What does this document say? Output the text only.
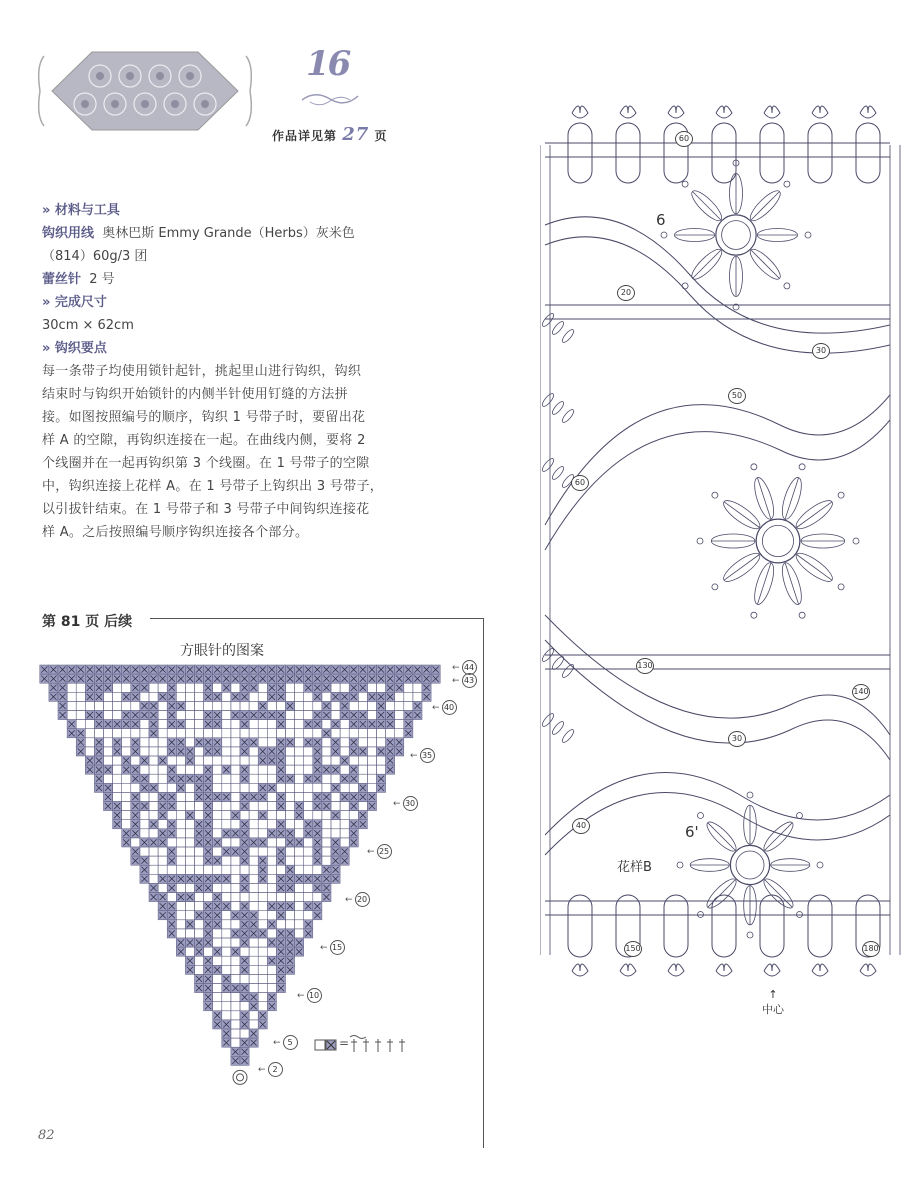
16
作品详见第 27 页
» 材料与工具
钩织用线 奥林巴斯 Emmy Grande（Herbs）灰米色
（814）60g/3 团
蕾丝针 2 号
» 完成尺寸
30cm × 62cm
» 钩织要点
每一条带子均使用锁针起针，挑起里山进行钩织，钩织
结束时与钩织开始锁针的内侧半针使用钉缝的方法拼
接。如图按照编号的顺序，钩织 1 号带子时，要留出花
样 A 的空隙，再钩织连接在一起。在曲线内侧，要将 2
个线圈并在一起再钩织第 3 个线圈。在 1 号带子的空隙
中，钩织连接上花样 A。在 1 号带子上钩织出 3 号带子，
以引拔针结束。在 1 号带子和 3 号带子中间钩织连接花
样 A。之后按照编号顺序钩织连接各个部分。
第 81 页 后续
方眼针的图案
← 44
← 43
← 40
← 35
← 30
← 25
← 20
← 15
← 10
← 5
← 2
=
6
6'
花样B
↑
中心
60
20
30
50
60
130
140
30
40
150	180
82
